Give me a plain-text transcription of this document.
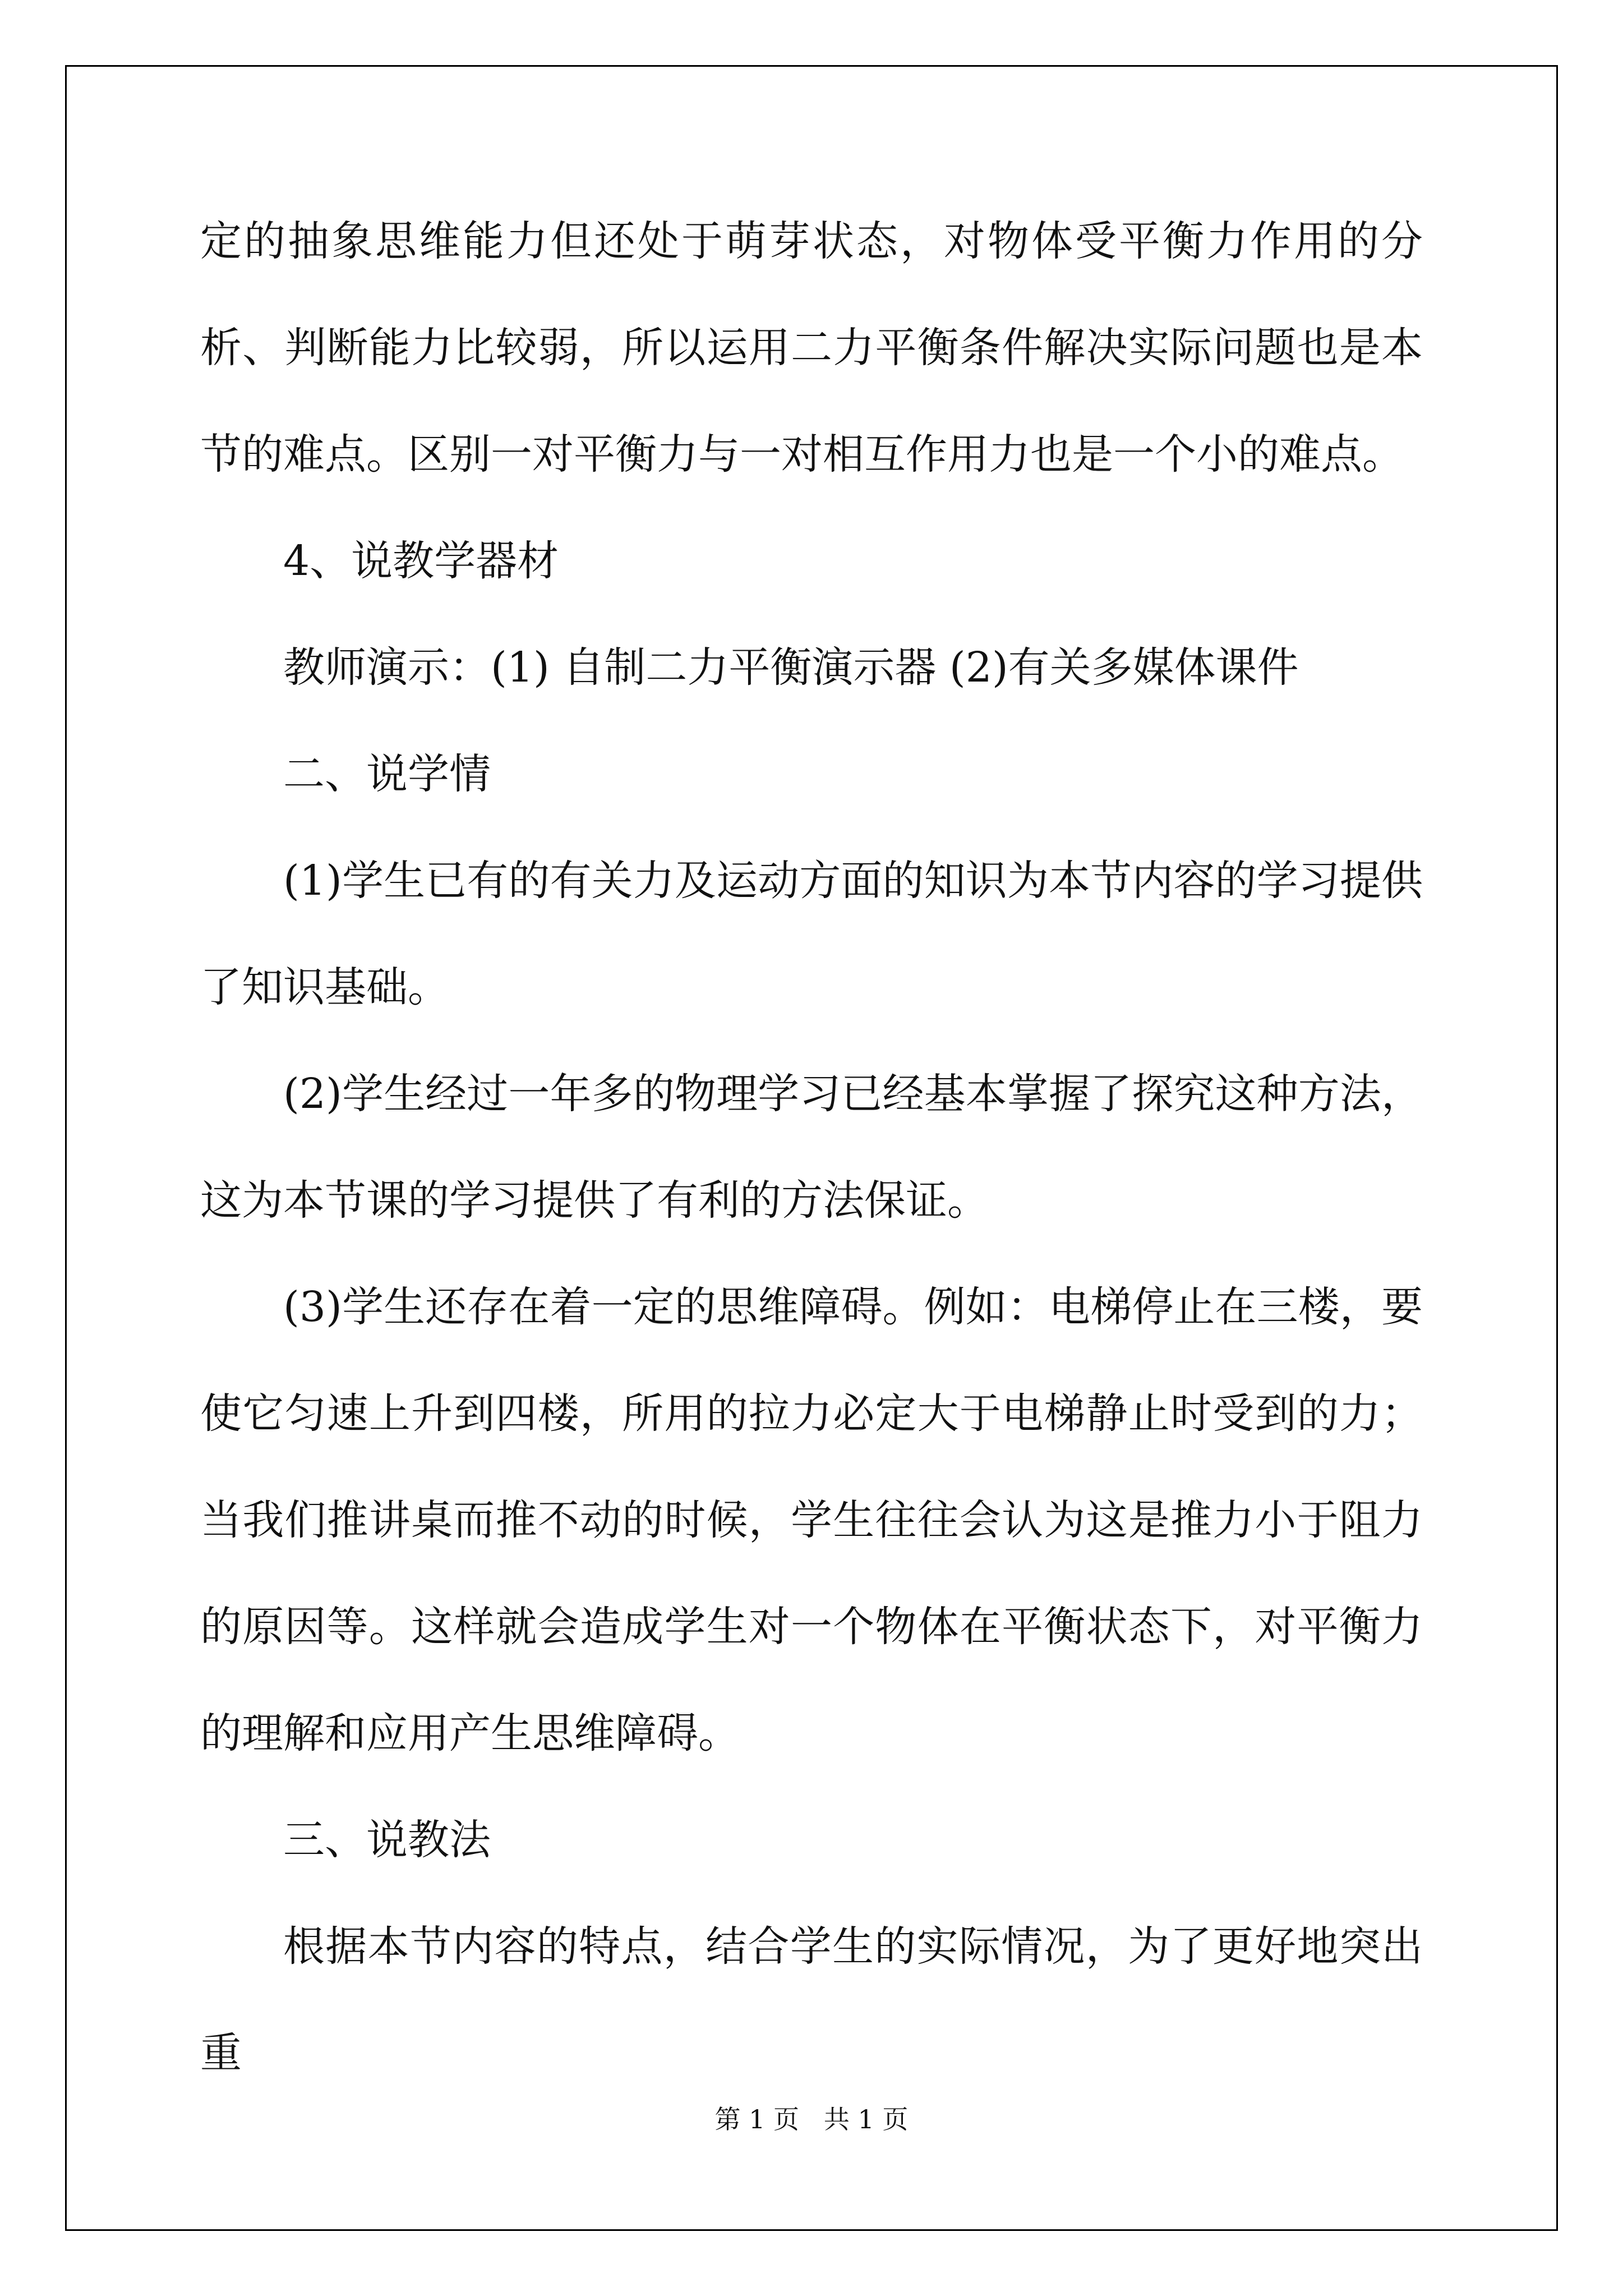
定的抽象思维能力但还处于萌芽状态，对物体受平衡力作用的分析、判断能力比较弱，所以运用二力平衡条件解决实际问题也是本节的难点。区别一对平衡力与一对相互作用力也是一个小的难点。

4、说教学器材

教师演示：(1) 自制二力平衡演示器 (2)有关多媒体课件

二、说学情

(1)学生已有的有关力及运动方面的知识为本节内容的学习提供了知识基础。

(2)学生经过一年多的物理学习已经基本掌握了探究这种方法，这为本节课的学习提供了有利的方法保证。

(3)学生还存在着一定的思维障碍。例如：电梯停止在三楼，要使它匀速上升到四楼，所用的拉力必定大于电梯静止时受到的力；当我们推讲桌而推不动的时候，学生往往会认为这是推力小于阻力的原因等。这样就会造成学生对一个物体在平衡状态下，对平衡力的理解和应用产生思维障碍。

三、说教法

根据本节内容的特点，结合学生的实际情况，为了更好地突出重

第 1 页   共 1 页
